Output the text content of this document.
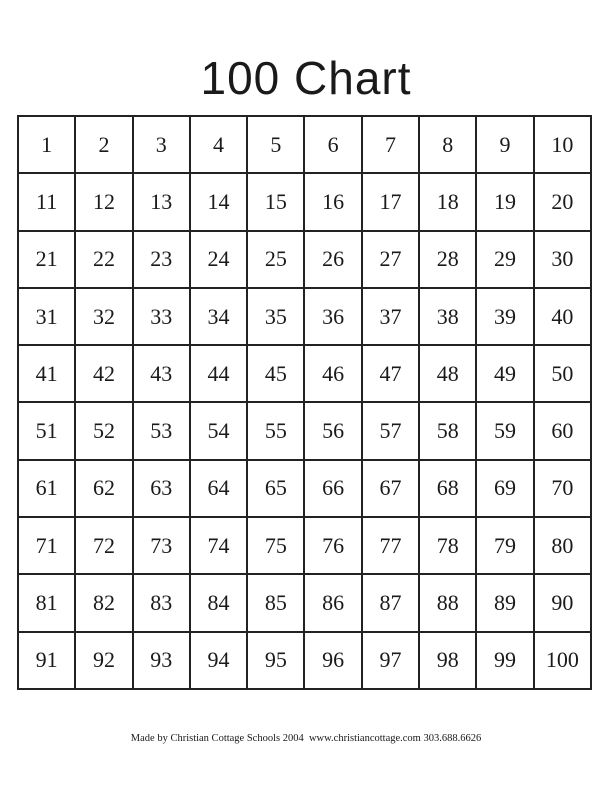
100 Chart
1	2	3	4	5	6	7	8	9	10
11	12	13	14	15	16	17	18	19	20
21	22	23	24	25	26	27	28	29	30
31	32	33	34	35	36	37	38	39	40
41	42	43	44	45	46	47	48	49	50
51	52	53	54	55	56	57	58	59	60
61	62	63	64	65	66	67	68	69	70
71	72	73	74	75	76	77	78	79	80
81	82	83	84	85	86	87	88	89	90
91	92	93	94	95	96	97	98	99	100
Made by Christian Cottage Schools 2004  www.christiancottage.com 303.688.6626
